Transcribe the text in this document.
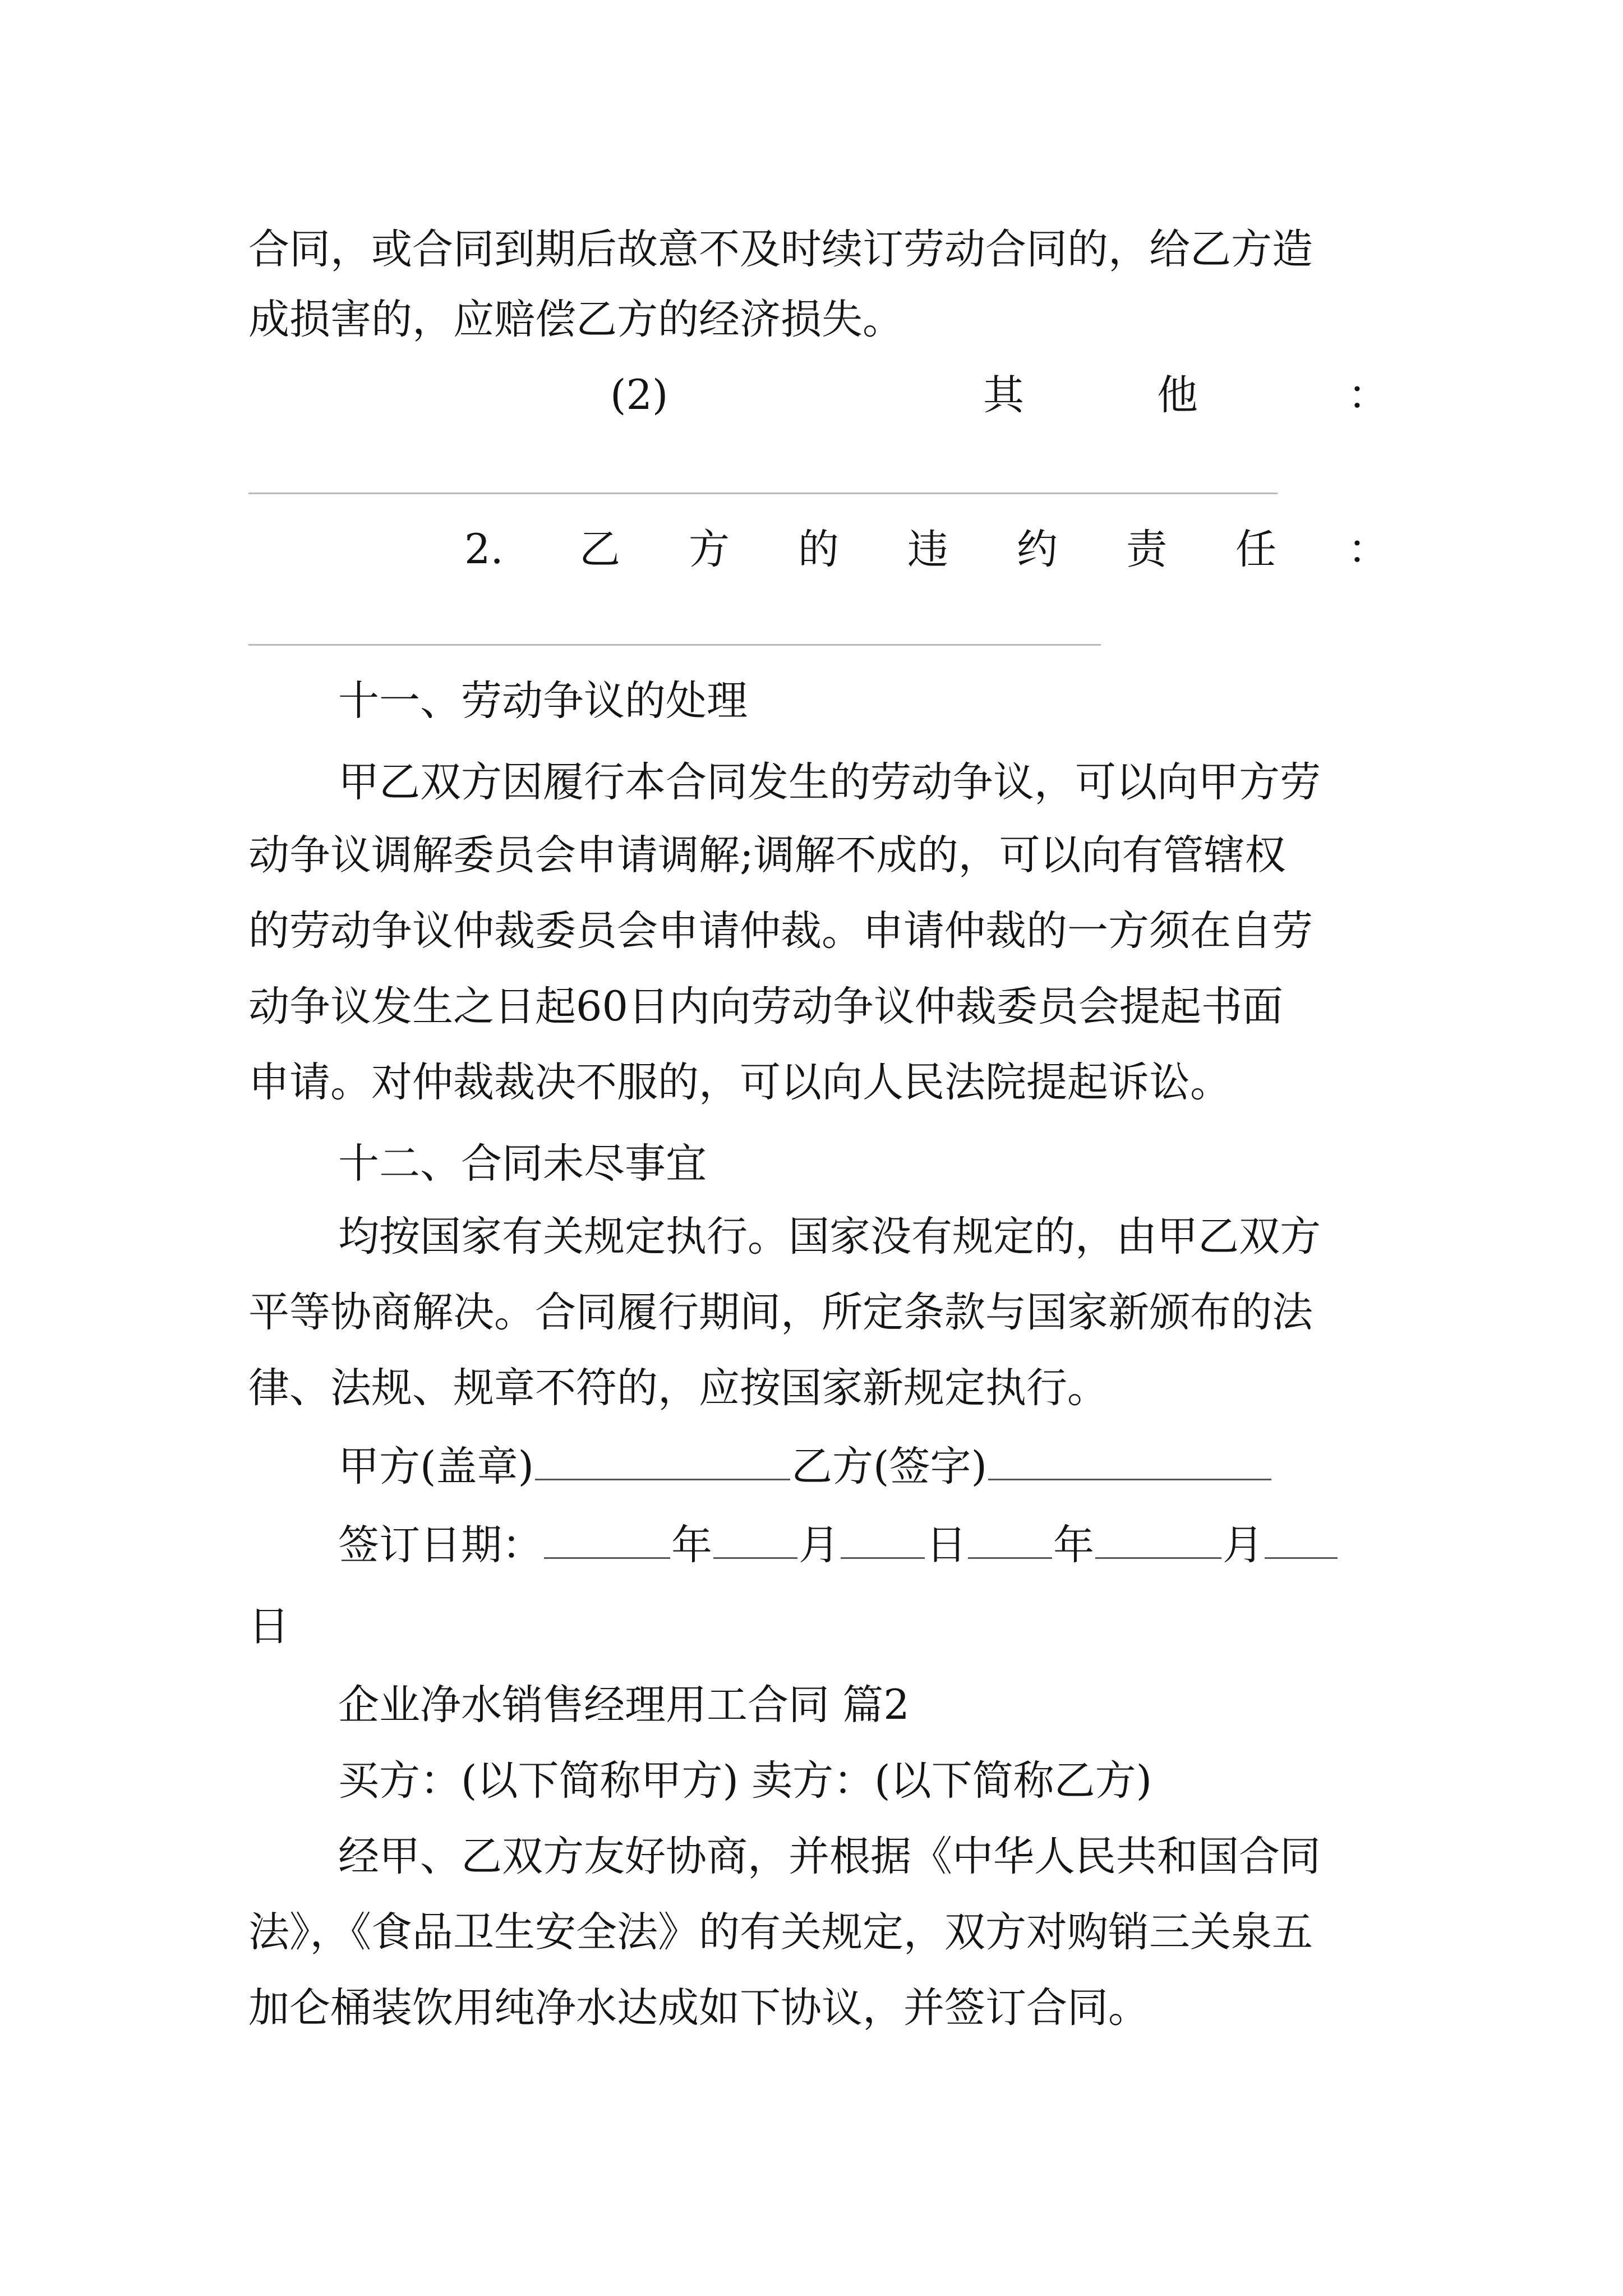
合同，或合同到期后故意不及时续订劳动合同的，给乙方造
成损害的，应赔偿乙方的经济损失。
(2)	其	他	：
2. 乙 方 的 违 约 责 任 ：
十一、劳动争议的处理
甲乙双方因履行本合同发生的劳动争议，可以向甲方劳
动争议调解委员会申请调解;调解不成的，可以向有管辖权
的劳动争议仲裁委员会申请仲裁。申请仲裁的一方须在自劳
动争议发生之日起60日内向劳动争议仲裁委员会提起书面
申请。对仲裁裁决不服的，可以向人民法院提起诉讼。
十二、合同未尽事宜
均按国家有关规定执行。国家没有规定的，由甲乙双方
平等协商解决。合同履行期间，所定条款与国家新颁布的法
律、法规、规章不符的，应按国家新规定执行。
甲方(盖章)	乙方(签字)
签订日期：	年 月 日 年	月
日
企业净水销售经理用工合同 篇2
买方：(以下简称甲方) 卖方：(以下简称乙方)
经甲、乙双方友好协商，并根据《中华人民共和国合同
法》，《食品卫生安全法》的有关规定，双方对购销三关泉五
加仑桶装饮用纯净水达成如下协议，并签订合同。
